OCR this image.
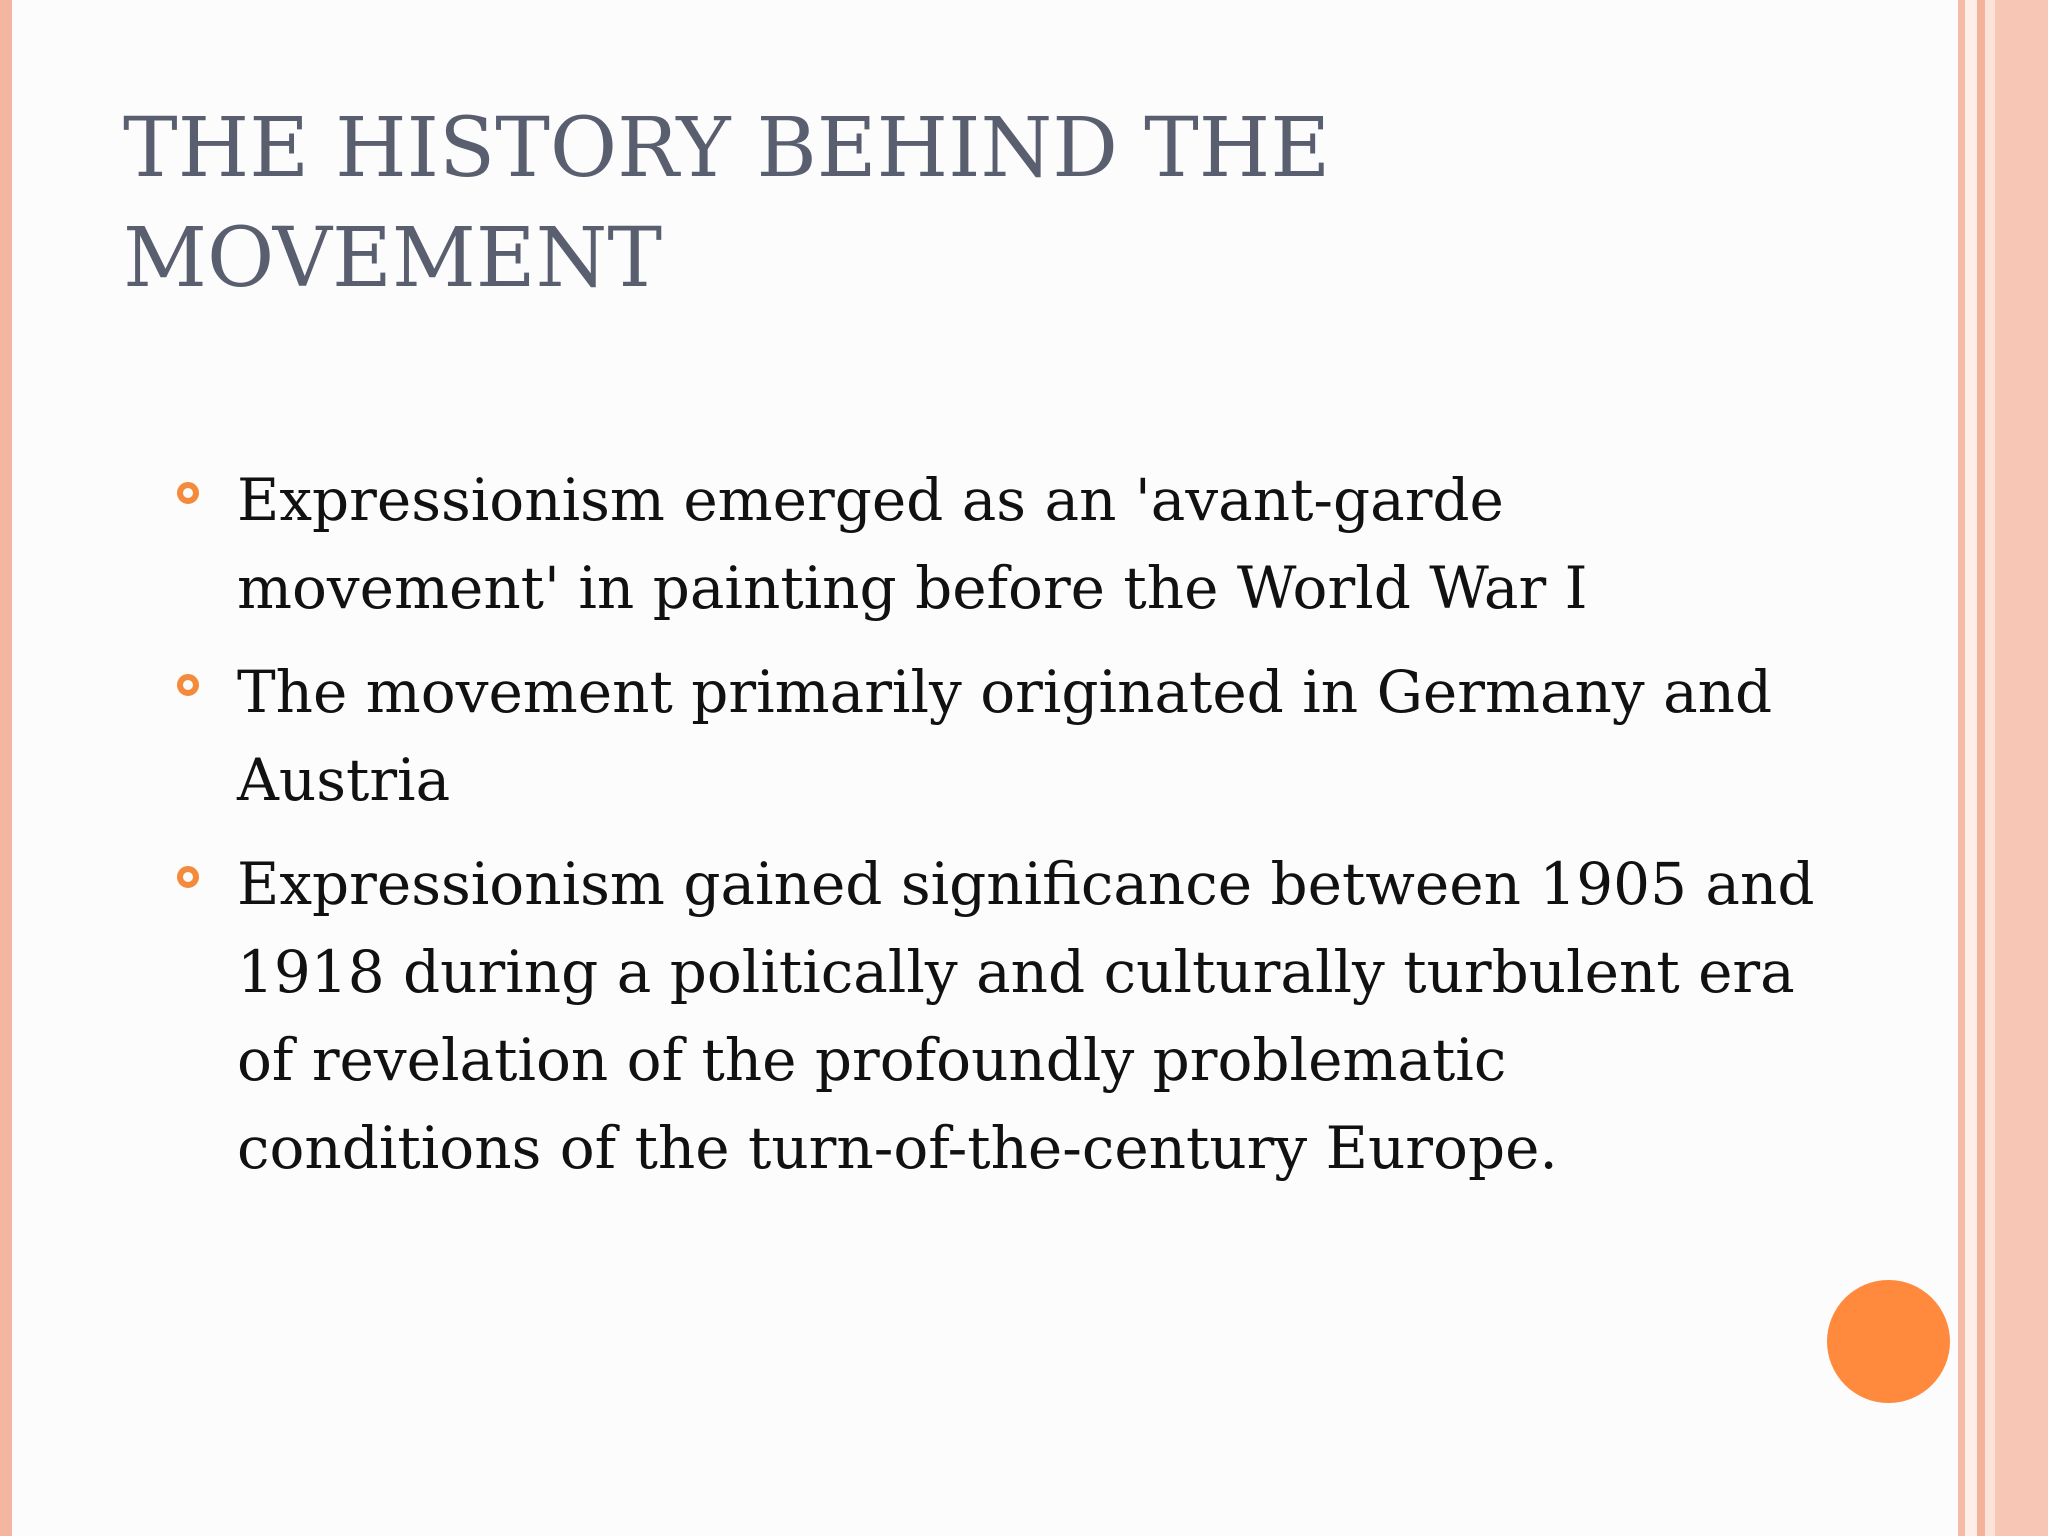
THE HISTORY BEHIND THE MOVEMENT
Expressionism emerged as an 'avant-garde movement' in painting before the World War I
The movement primarily originated in Germany and Austria
Expressionism gained significance between 1905 and 1918 during a politically and culturally turbulent era of revelation of the profoundly problematic conditions of the turn-of-the-century Europe.
